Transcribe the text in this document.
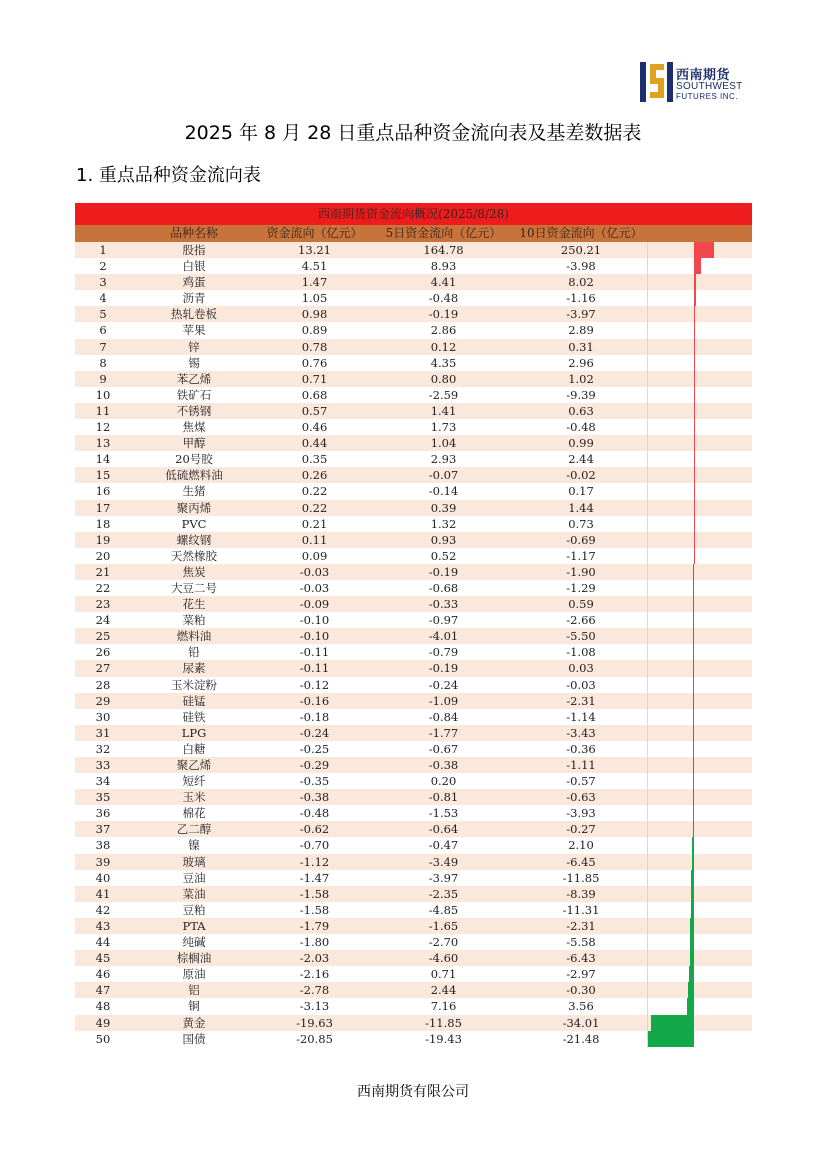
西南期货
SOUTHWEST
FUTURES INC.
2025 年 8 月 28 日重点品种资金流向表及基差数据表
1. 重点品种资金流向表
西南期货资金流向概况(2025/8/28)
品种名称	资金流向（亿元）	5日资金流向（亿元）	10日资金流向（亿元）
1	股指	13.21	164.78	250.21
2	白银	4.51	8.93	-3.98
3	鸡蛋	1.47	4.41	8.02
4	沥青	1.05	-0.48	-1.16
5	热轧卷板	0.98	-0.19	-3.97
6	苹果	0.89	2.86	2.89
7	锌	0.78	0.12	0.31
8	锡	0.76	4.35	2.96
9	苯乙烯	0.71	0.80	1.02
10	铁矿石	0.68	-2.59	-9.39
11	不锈钢	0.57	1.41	0.63
12	焦煤	0.46	1.73	-0.48
13	甲醇	0.44	1.04	0.99
14	20号胶	0.35	2.93	2.44
15	低硫燃料油	0.26	-0.07	-0.02
16	生猪	0.22	-0.14	0.17
17	聚丙烯	0.22	0.39	1.44
18	PVC	0.21	1.32	0.73
19	螺纹钢	0.11	0.93	-0.69
20	天然橡胶	0.09	0.52	-1.17
21	焦炭	-0.03	-0.19	-1.90
22	大豆二号	-0.03	-0.68	-1.29
23	花生	-0.09	-0.33	0.59
24	菜粕	-0.10	-0.97	-2.66
25	燃料油	-0.10	-4.01	-5.50
26	铅	-0.11	-0.79	-1.08
27	尿素	-0.11	-0.19	0.03
28	玉米淀粉	-0.12	-0.24	-0.03
29	硅锰	-0.16	-1.09	-2.31
30	硅铁	-0.18	-0.84	-1.14
31	LPG	-0.24	-1.77	-3.43
32	白糖	-0.25	-0.67	-0.36
33	聚乙烯	-0.29	-0.38	-1.11
34	短纤	-0.35	0.20	-0.57
35	玉米	-0.38	-0.81	-0.63
36	棉花	-0.48	-1.53	-3.93
37	乙二醇	-0.62	-0.64	-0.27
38	镍	-0.70	-0.47	2.10
39	玻璃	-1.12	-3.49	-6.45
40	豆油	-1.47	-3.97	-11.85
41	菜油	-1.58	-2.35	-8.39
42	豆粕	-1.58	-4.85	-11.31
43	PTA	-1.79	-1.65	-2.31
44	纯碱	-1.80	-2.70	-5.58
45	棕榈油	-2.03	-4.60	-6.43
46	原油	-2.16	0.71	-2.97
47	铝	-2.78	2.44	-0.30
48	铜	-3.13	7.16	3.56
49	黄金	-19.63	-11.85	-34.01
50	国债	-20.85	-19.43	-21.48
西南期货有限公司
